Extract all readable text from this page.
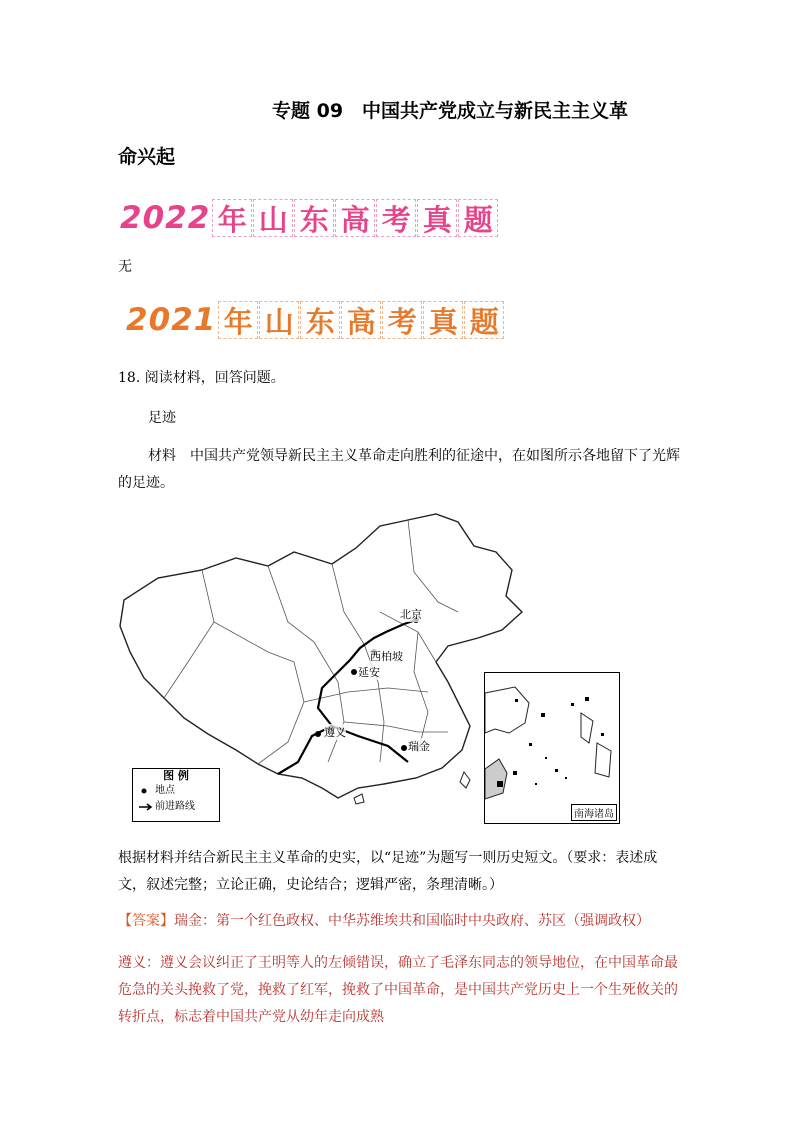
专题 09　中国共产党成立与新民主主义革
命兴起
2022 年 山 东 高 考 真 题
无
2021 年 山 东 高 考 真 题
18. 阅读材料，回答问题。
足迹
材料　中国共产党领导新民主主义革命走向胜利的征途中，在如图所示各地留下了光辉
的足迹。
北京
西柏坡
延安
遵义
瑞金
图 例
地点
前进路线
南海诸岛
根据材料并结合新民主主义革命的史实，以“足迹”为题写一则历史短文。（要求：表述成
文，叙述完整；立论正确，史论结合；逻辑严密，条理清晰。）
【答案】瑞金：第一个红色政权、中华苏维埃共和国临时中央政府、苏区（强调政权）
遵义：遵义会议纠正了王明等人的左倾错误，确立了毛泽东同志的领导地位，在中国革命最
危急的关头挽救了党，挽救了红军，挽救了中国革命，是中国共产党历史上一个生死攸关的
转折点，标志着中国共产党从幼年走向成熟
